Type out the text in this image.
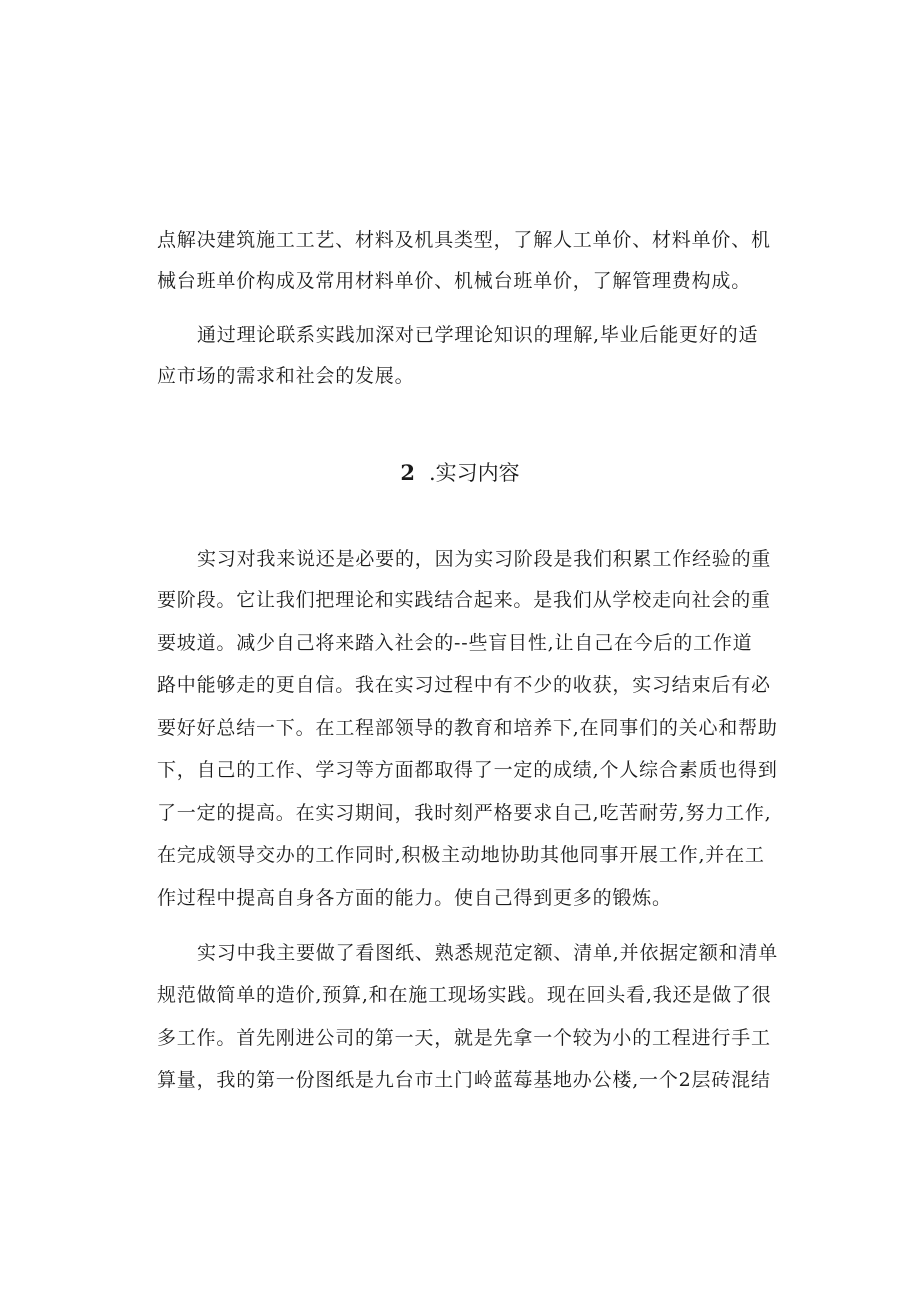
点解决建筑施工工艺、材料及机具类型，了解人工单价、材料单价、机
械台班单价构成及常用材料单价、机械台班单价，了解管理费构成。
通过理论联系实践加深对已学理论知识的理解,毕业后能更好的适
应市场的需求和社会的发展。
2 .实习内容
实习对我来说还是必要的，因为实习阶段是我们积累工作经验的重
要阶段。它让我们把理论和实践结合起来。是我们从学校走向社会的重
要坡道。减少自己将来踏入社会的--些盲目性,让自己在今后的工作道
路中能够走的更自信。我在实习过程中有不少的收获，实习结束后有必
要好好总结一下。在工程部领导的教育和培养下,在同事们的关心和帮助
下，自己的工作、学习等方面都取得了一定的成绩,个人综合素质也得到
了一定的提高。在实习期间，我时刻严格要求自己,吃苦耐劳,努力工作,
在完成领导交办的工作同时,积极主动地协助其他同事开展工作,并在工
作过程中提高自身各方面的能力。使自己得到更多的锻炼。
实习中我主要做了看图纸、熟悉规范定额、清单,并依据定额和清单
规范做简单的造价,预算,和在施工现场实践。现在回头看,我还是做了很
多工作。首先刚进公司的第一天，就是先拿一个较为小的工程进行手工
算量，我的第一份图纸是九台市土门岭蓝莓基地办公楼,一个2层砖混结
